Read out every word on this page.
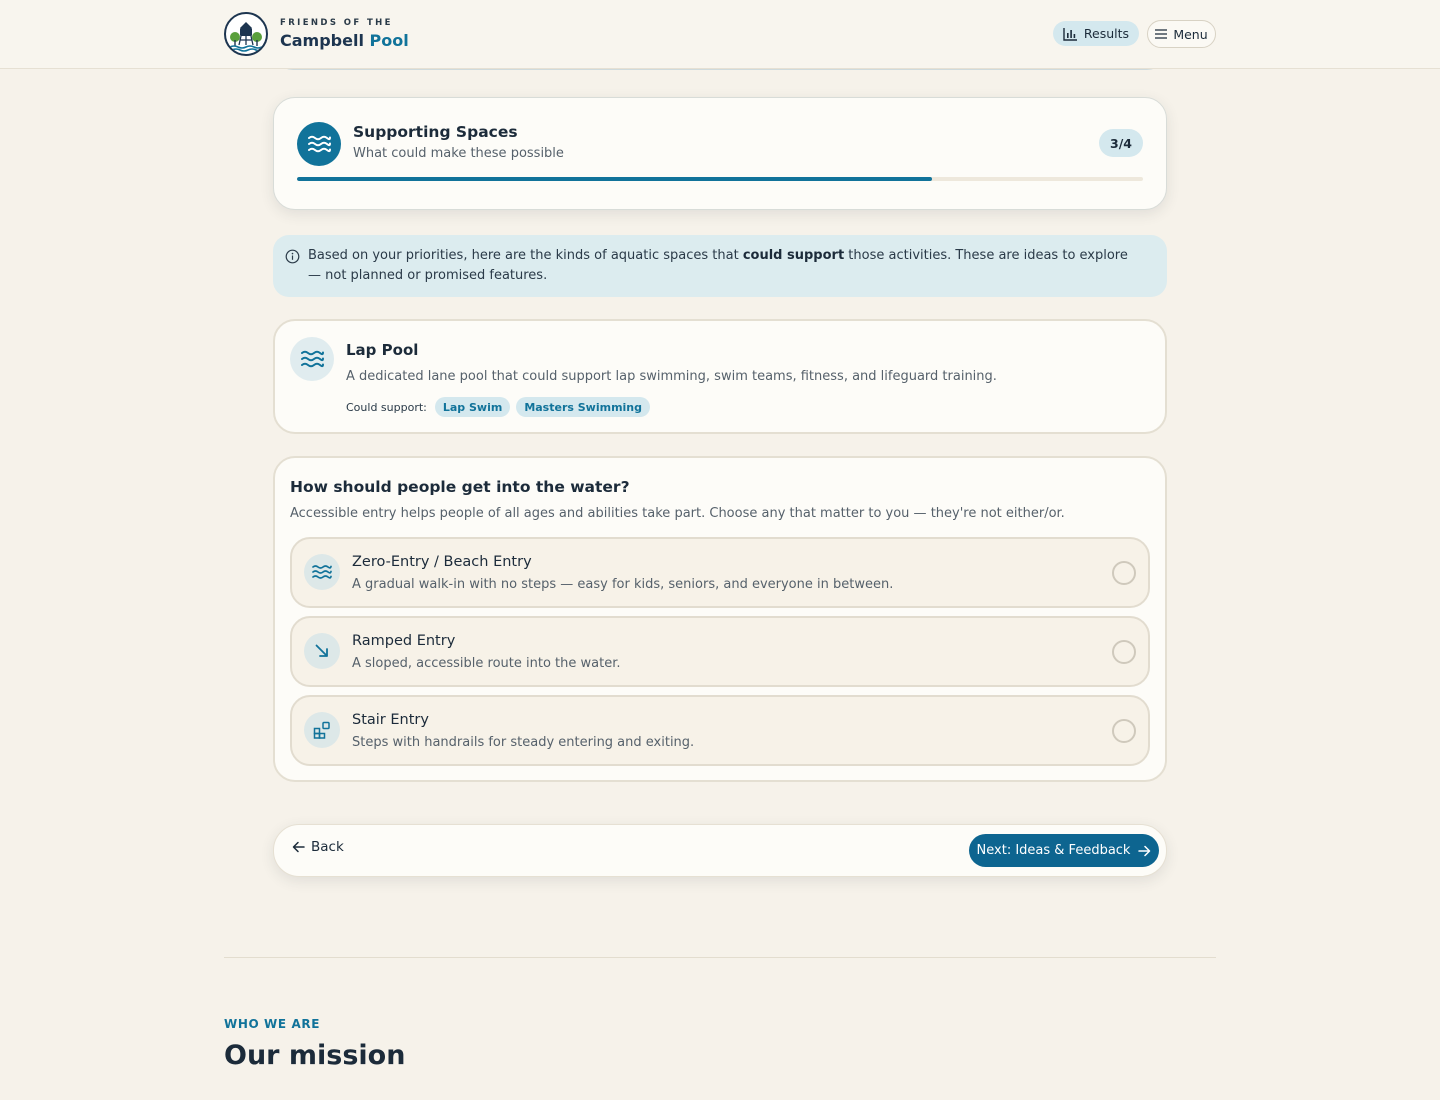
FRIENDS OF THE
Campbell Pool	Results	Menu
Supporting Spaces
What could make these possible
3/4
Based on your priorities, here are the kinds of aquatic spaces that could support those activities. These are ideas to explore — not planned or promised features.
Lap Pool
A dedicated lane pool that could support lap swimming, swim teams, fitness, and lifeguard training.
Could support:	Lap Swim	Masters Swimming
How should people get into the water?
Accessible entry helps people of all ages and abilities take part. Choose any that matter to you — they're not either/or.
Zero-Entry / Beach Entry
A gradual walk-in with no steps — easy for kids, seniors, and everyone in between.
Ramped Entry
A sloped, accessible route into the water.
Stair Entry
Steps with handrails for steady entering and exiting.
Back	Next: Ideas & Feedback
WHO WE ARE
Our mission
